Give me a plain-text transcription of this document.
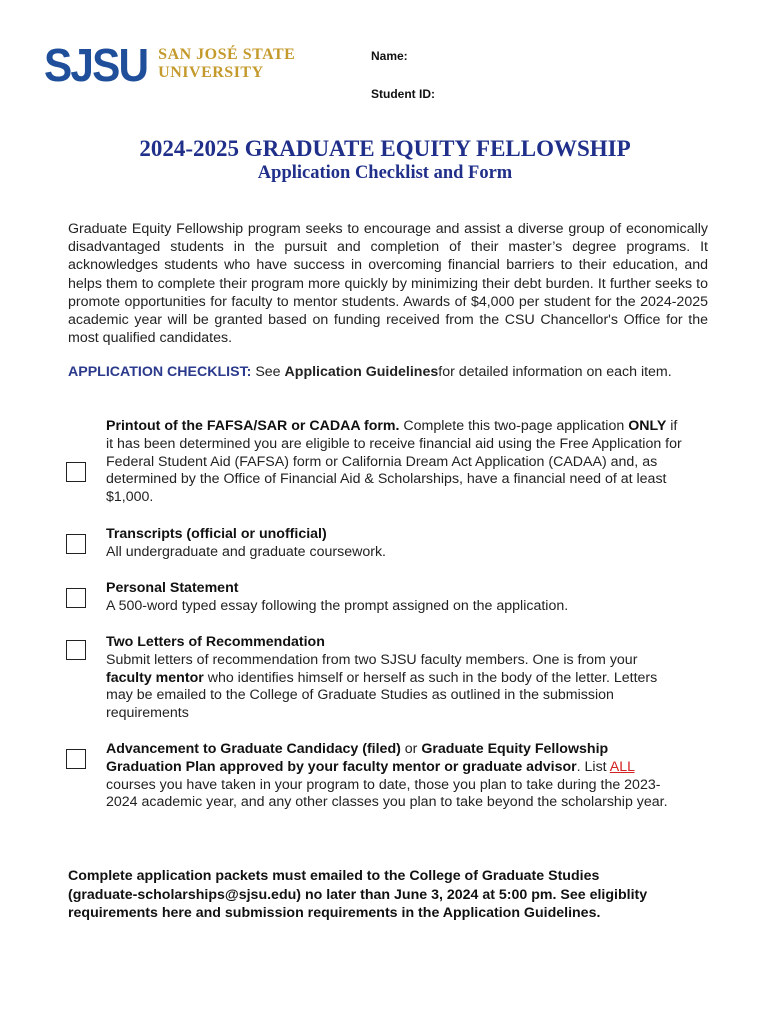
SJSU SAN JOSÉ STATE
UNIVERSITY
Name:
Student ID:
2024-2025 GRADUATE EQUITY FELLOWSHIP
Application Checklist and Form
Graduate Equity Fellowship program seeks to encourage and assist a diverse group of economically disadvantaged students in the pursuit and completion of their master’s degree programs. It acknowledges students who have success in overcoming financial barriers to their education, and helps them to complete their program more quickly by minimizing their debt burden. It further seeks to promote opportunities for faculty to mentor students. Awards of $4,000 per student for the 2024-2025 academic year will be granted based on funding received from the CSU Chancellor's Office for the most qualified candidates.
APPLICATION CHECKLIST: See Application Guidelinesfor detailed information on each item.
Printout of the FAFSA/SAR or CADAA form. Complete this two-page application ONLY if it has been determined you are eligible to receive financial aid using the Free Application for Federal Student Aid (FAFSA) form or California Dream Act Application (CADAA) and, as determined by the Office of Financial Aid & Scholarships, have a financial need of at least $1,000.
Transcripts (official or unofficial)
All undergraduate and graduate coursework.
Personal Statement
A 500-word typed essay following the prompt assigned on the application.
Two Letters of Recommendation
Submit letters of recommendation from two SJSU faculty members. One is from your faculty mentor who identifies himself or herself as such in the body of the letter. Letters may be emailed to the College of Graduate Studies as outlined in the submission requirements
Advancement to Graduate Candidacy (filed) or Graduate Equity Fellowship Graduation Plan approved by your faculty mentor or graduate advisor. List ALL courses you have taken in your program to date, those you plan to take during the 2023-2024 academic year, and any other classes you plan to take beyond the scholarship year.
Complete application packets must emailed to the College of Graduate Studies (graduate-scholarships@sjsu.edu) no later than June 3, 2024 at 5:00 pm. See eligiblity requirements here and submission requirements in the Application Guidelines.
